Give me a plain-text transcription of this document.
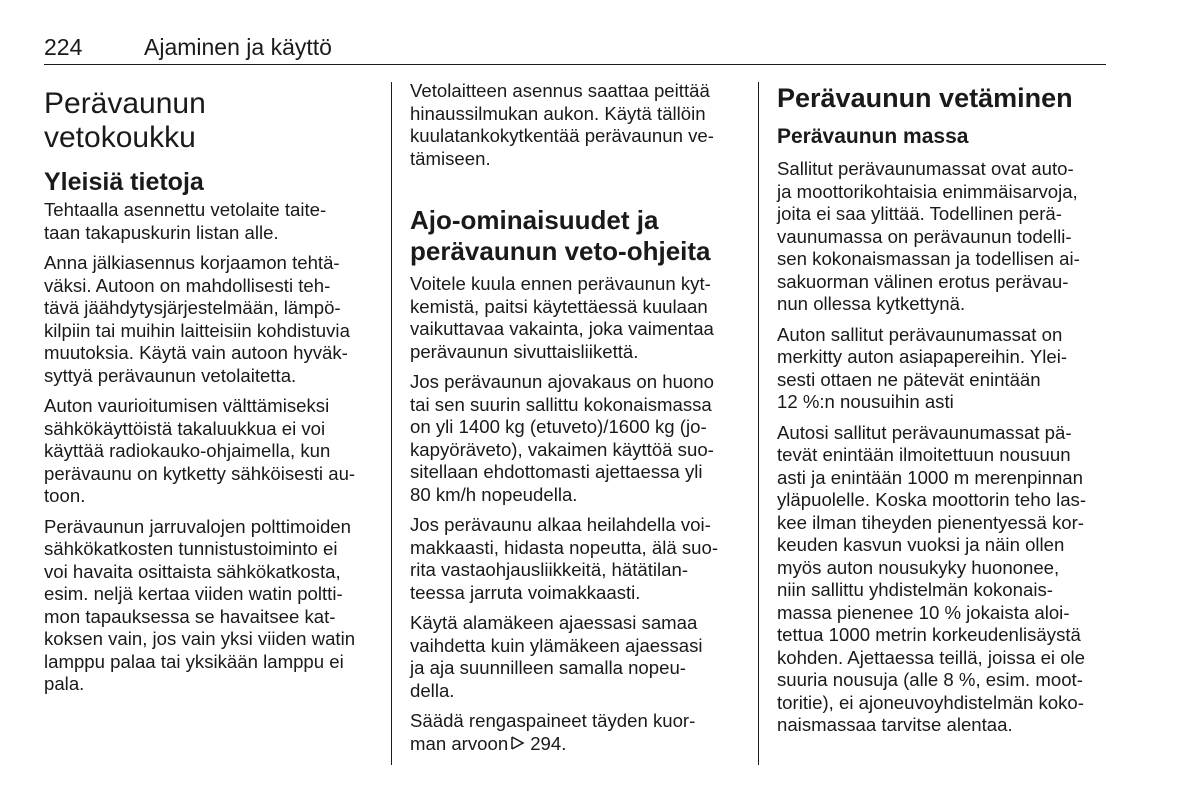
224	Ajaminen ja käyttö
Perävaunun
vetokoukku
Yleisiä tietoja

Tehtaalla asennettu vetolaite taite-
taan takapuskurin listan alle.

Anna jälkiasennus korjaamon tehtä-
väksi. Autoon on mahdollisesti teh-
tävä jäähdytysjärjestelmään, lämpö-
kilpiin tai muihin laitteisiin kohdistuvia
muutoksia. Käytä vain autoon hyväk-
syttyä perävaunun vetolaitetta.

Auton vaurioitumisen välttämiseksi
sähkökäyttöistä takaluukkua ei voi
käyttää radiokauko-ohjaimella, kun
perävaunu on kytketty sähköisesti au-
toon.

Perävaunun jarruvalojen polttimoiden
sähkökatkosten tunnistustoiminto ei
voi havaita osittaista sähkökatkosta,
esim. neljä kertaa viiden watin poltti-
mon tapauksessa se havaitsee kat-
koksen vain, jos vain yksi viiden watin
lamppu palaa tai yksikään lamppu ei
pala.

Vetolaitteen asennus saattaa peittää
hinaussilmukan aukon. Käytä tällöin
kuulatankokytkentää perävaunun ve-
tämiseen.

Ajo-ominaisuudet ja
perävaunun veto-ohjeita

Voitele kuula ennen perävaunun kyt-
kemistä, paitsi käytettäessä kuulaan
vaikuttavaa vakainta, joka vaimentaa
perävaunun sivuttaisliikettä.

Jos perävaunun ajovakaus on huono
tai sen suurin sallittu kokonaismassa
on yli 1400 kg (etuveto)/1600 kg (jo-
kapyöräveto), vakaimen käyttöä suo-
sitellaan ehdottomasti ajettaessa yli
80 km/h nopeudella.

Jos perävaunu alkaa heilahdella voi-
makkaasti, hidasta nopeutta, älä suo-
rita vastaohjausliikkeitä, hätätilan-
teessa jarruta voimakkaasti.

Käytä alamäkeen ajaessasi samaa
vaihdetta kuin ylämäkeen ajaessasi
ja aja suunnilleen samalla nopeu-
della.

Säädä rengaspaineet täyden kuor-
man arvoon 294.

Perävaunun vetäminen
Perävaunun massa

Sallitut perävaunumassat ovat auto-
ja moottorikohtaisia enimmäisarvoja,
joita ei saa ylittää. Todellinen perä-
vaunumassa on perävaunun todelli-
sen kokonaismassan ja todellisen ai-
sakuorman välinen erotus perävau-
nun ollessa kytkettynä.

Auton sallitut perävaunumassat on
merkitty auton asiapapereihin. Ylei-
sesti ottaen ne pätevät enintään
12 %:n nousuihin asti

Autosi sallitut perävaunumassat pä-
tevät enintään ilmoitettuun nousuun
asti ja enintään 1000 m merenpinnan
yläpuolelle. Koska moottorin teho las-
kee ilman tiheyden pienentyessä kor-
keuden kasvun vuoksi ja näin ollen
myös auton nousukyky huononee,
niin sallittu yhdistelmän kokonais-
massa pienenee 10 % jokaista aloi-
tettua 1000 metrin korkeudenlisäystä
kohden. Ajettaessa teillä, joissa ei ole
suuria nousuja (alle 8 %, esim. moot-
toritie), ei ajoneuvoyhdistelmän koko-
naismassaa tarvitse alentaa.
